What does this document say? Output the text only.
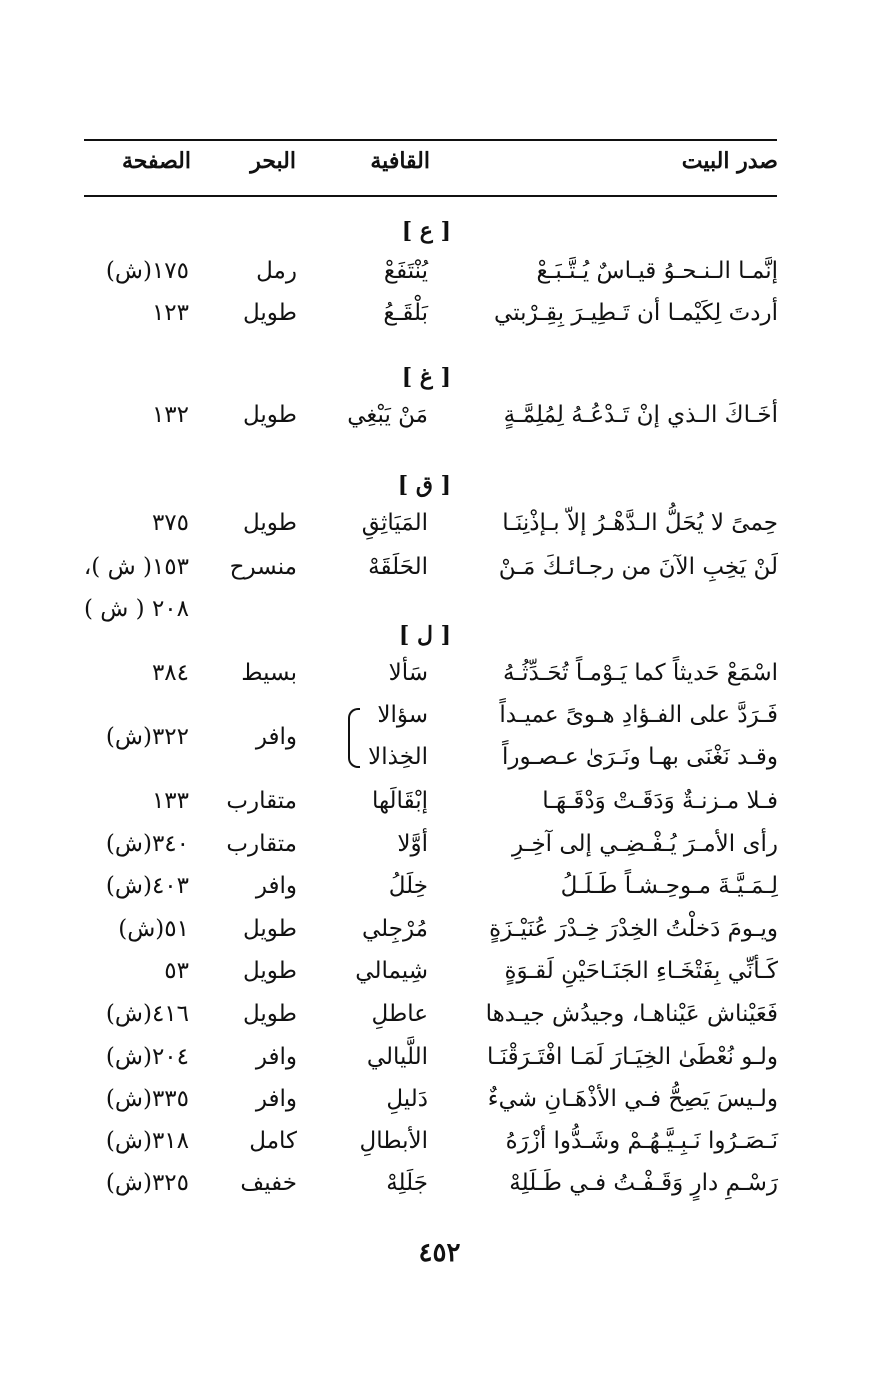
صدر البيت
القافية
البحر
الصفحة
[ ع ]
[ غ ]
[ ق ]
[ ل ]
إنَّمـا الـنـحـوُ قيـاسٌ يُـتَّـبَـعْ
يُنْتَفَعْ
رمل
١٧٥(ش)
أردتَ لِكَيْمـا أن تَـطِيـرَ بِقِـرْبتي
بَلْقَـعُ
طويل
١٢٣
أخَـاكَ الـذي إنْ تَـدْعُـهُ لِمُلِمَّـةٍ
مَنْ يَبْغِي
طويل
١٣٢
حِمىً لا يُحَلُّ الـدَّهْـرُ إلاّ بـإذْنِنَـا
المَيَاثِقِ
طويل
٣٧٥
لَنْ يَخِبِ الآنَ من رجـائـكَ مَـنْ
الحَلَقَهْ
منسرح
١٥٣( ش )،
٢٠٨ ( ش )
اسْمَعْ حَديثاً كما يَـوْمـاً تُحَـدِّثُـهُ
سَألا
بسيط
٣٨٤
فَـرَدَّ على الفـؤادِ هـوىً عميـداً
سؤالا
وقـد نَغْنَى بهـا ونَـرَىٰ عـصـوراً
الخِذالا
وافر
٣٢٢(ش)
فـلا مـزنـةٌ وَدَقَـتْ وَدْقَـهَـا
إبْقَالَها
متقارب
١٣٣
رأى الأمـرَ يُـفْـضِـي إلى آخِـرِ
أوَّلا
متقارب
٣٤٠(ش)
لِـمَـيَّـةَ مـوحِـشـاً طَـلَـلُ
خِلَلُ
وافر
٤٠٣(ش)
ويـومَ دَخلْتُ الخِدْرَ خِـدْرَ عُنَيْـزَةٍ
مُرْجِلي
طويل
٥١(ش)
كَـأنِّي بِفَتْخَـاءِ الجَنَـاحَيْنِ لَقـوَةٍ
شِيمالي
طويل
٥٣
فَعَيْناش عَيْناهـا، وجيدُش جيـدها
عاطلِ
طويل
٤١٦(ش)
ولـو نُعْطَىٰ الخِيَـارَ لَمَـا افْتَـرَقْنَـا
اللَّيالي
وافر
٢٠٤(ش)
ولـيسَ يَصِحُّ فـي الأذْهَـانِ شيءٌ
دَليلِ
وافر
٣٣٥(ش)
نَـصَـرُوا نَـبِـيَّـهُـمْ وشَـدُّوا أزْرَهُ
الأبطالِ
كامل
٣١٨(ش)
رَسْـمِ دارٍ وَقَـفْـتُ فـي طَـلَلِهْ
جَلَلِهْ
خفيف
٣٢٥(ش)
٤٥٢
